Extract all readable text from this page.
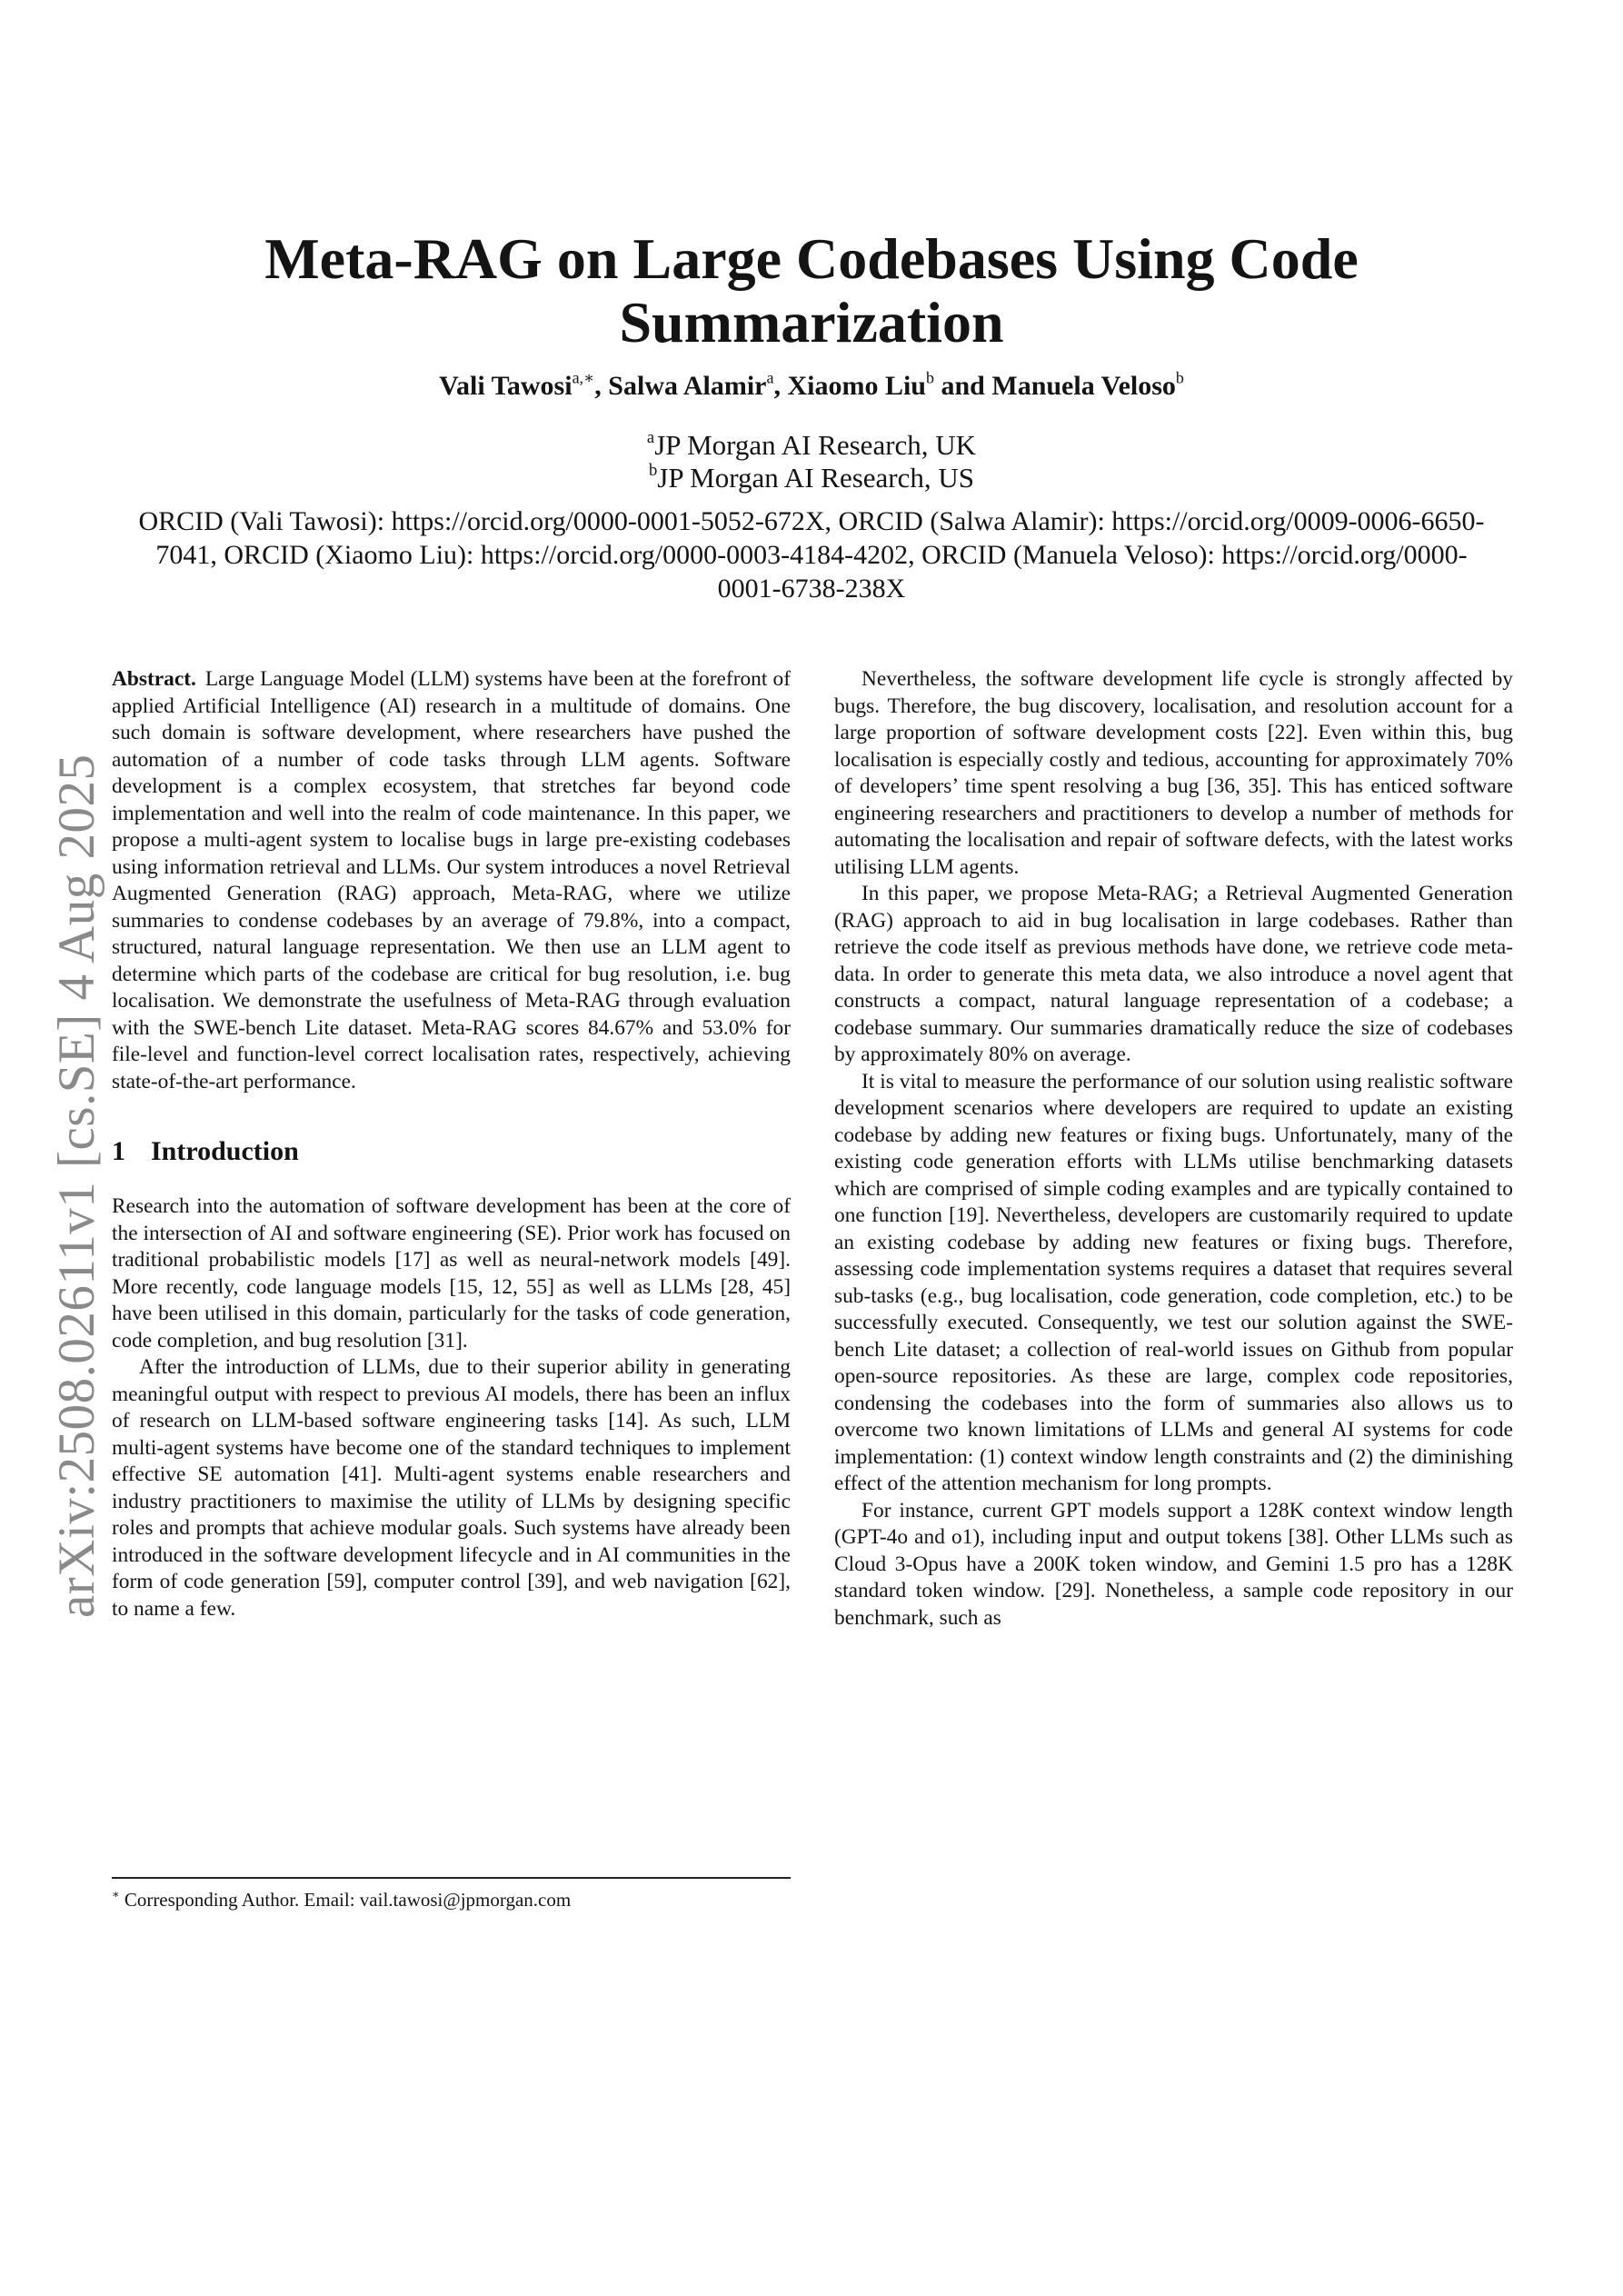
arXiv:2508.02611v1 [cs.SE] 4 Aug 2025
Meta-RAG on Large Codebases Using Code
Summarization
Vali Tawosi$^{a,∗}$, Salwa Alamir$^a$, Xiaomo Liu$^b$ and Manuela Veloso$^b$
$^a$JP Morgan AI Research, UK
$^b$JP Morgan AI Research, US
ORCID (Vali Tawosi): https://orcid.org/0000-0001-5052-672X, ORCID (Salwa Alamir): https://orcid.org/0009-0006-6650-7041, ORCID (Xiaomo Liu): https://orcid.org/0000-0003-4184-4202, ORCID (Manuela Veloso): https://orcid.org/0000-0001-6738-238X

Abstract. Large Language Model (LLM) systems have been at the forefront of applied Artificial Intelligence (AI) research in a multitude of domains. One such domain is software development, where researchers have pushed the automation of a number of code tasks through LLM agents. Software development is a complex ecosystem, that stretches far beyond code implementation and well into the realm of code maintenance. In this paper, we propose a multi-agent system to localise bugs in large pre-existing codebases using information retrieval and LLMs. Our system introduces a novel Retrieval Augmented Generation (RAG) approach, Meta-RAG, where we utilize summaries to condense codebases by an average of 79.8%, into a compact, structured, natural language representation. We then use an LLM agent to determine which parts of the codebase are critical for bug resolution, i.e. bug localisation. We demonstrate the usefulness of Meta-RAG through evaluation with the SWE-bench Lite dataset. Meta-RAG scores 84.67% and 53.0% for file-level and function-level correct localisation rates, respectively, achieving state-of-the-art performance.

1 Introduction

Research into the automation of software development has been at the core of the intersection of AI and software engineering (SE). Prior work has focused on traditional probabilistic models [17] as well as neural-network models [49]. More recently, code language models [15, 12, 55] as well as LLMs [28, 45] have been utilised in this domain, particularly for the tasks of code generation, code completion, and bug resolution [31].

After the introduction of LLMs, due to their superior ability in generating meaningful output with respect to previous AI models, there has been an influx of research on LLM-based software engineering tasks [14]. As such, LLM multi-agent systems have become one of the standard techniques to implement effective SE automation [41]. Multi-agent systems enable researchers and industry practitioners to maximise the utility of LLMs by designing specific roles and prompts that achieve modular goals. Such systems have already been introduced in the software development lifecycle and in AI communities in the form of code generation [59], computer control [39], and web navigation [62], to name a few.

∗ Corresponding Author. Email: vail.tawosi@jpmorgan.com

Nevertheless, the software development life cycle is strongly affected by bugs. Therefore, the bug discovery, localisation, and resolution account for a large proportion of software development costs [22]. Even within this, bug localisation is especially costly and tedious, accounting for approximately 70% of developers’ time spent resolving a bug [36, 35]. This has enticed software engineering researchers and practitioners to develop a number of methods for automating the localisation and repair of software defects, with the latest works utilising LLM agents.

In this paper, we propose Meta-RAG; a Retrieval Augmented Generation (RAG) approach to aid in bug localisation in large codebases. Rather than retrieve the code itself as previous methods have done, we retrieve code meta-data. In order to generate this meta data, we also introduce a novel agent that constructs a compact, natural language representation of a codebase; a codebase summary. Our summaries dramatically reduce the size of codebases by approximately 80% on average.

It is vital to measure the performance of our solution using realistic software development scenarios where developers are required to update an existing codebase by adding new features or fixing bugs. Unfortunately, many of the existing code generation efforts with LLMs utilise benchmarking datasets which are comprised of simple coding examples and are typically contained to one function [19]. Nevertheless, developers are customarily required to update an existing codebase by adding new features or fixing bugs. Therefore, assessing code implementation systems requires a dataset that requires several sub-tasks (e.g., bug localisation, code generation, code completion, etc.) to be successfully executed. Consequently, we test our solution against the SWE-bench Lite dataset; a collection of real-world issues on Github from popular open-source repositories. As these are large, complex code repositories, condensing the codebases into the form of summaries also allows us to overcome two known limitations of LLMs and general AI systems for code implementation: (1) context window length constraints and (2) the diminishing effect of the attention mechanism for long prompts.

For instance, current GPT models support a 128K context window length (GPT-4o and o1), including input and output tokens [38]. Other LLMs such as Cloud 3-Opus have a 200K token window, and Gemini 1.5 pro has a 128K standard token window. [29]. Nonetheless, a sample code repository in our benchmark, such as
